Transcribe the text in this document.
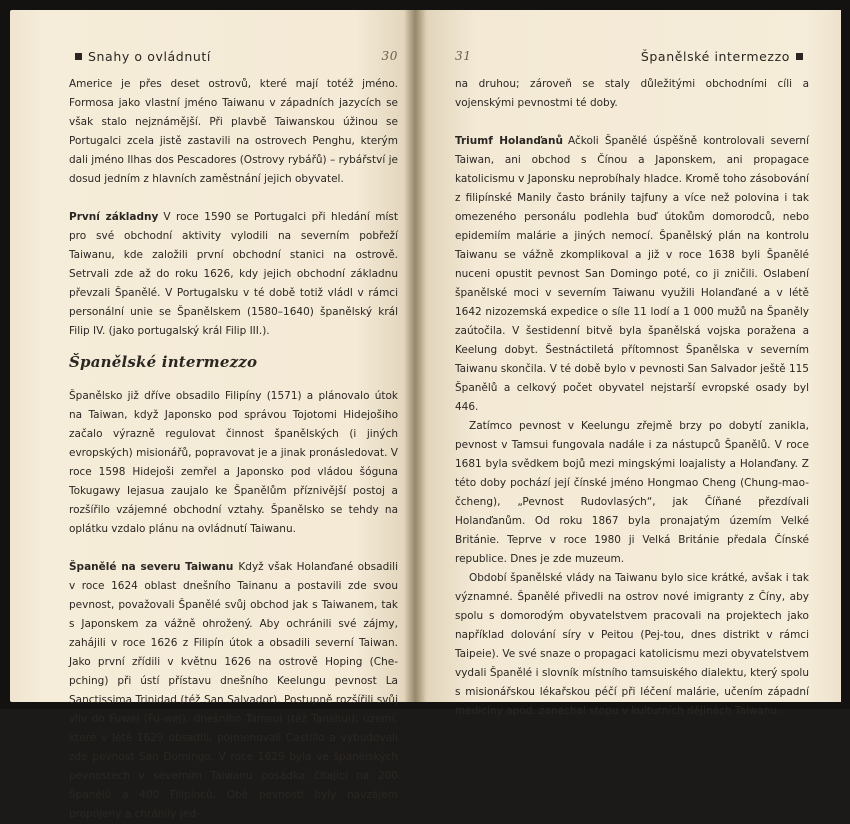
Snahy o ovládnutí	30

Americe je přes deset ostrovů, které mají totéž jméno. Formosa jako vlastní jméno Taiwanu v západních jazycích se však stalo nejznámější. Při plavbě Taiwanskou úžinou se Portugalci zcela jistě zastavili na ostrovech Penghu, kterým dali jméno Ilhas dos Pescadores (Ostrovy rybářů) – rybářství je dosud jedním z hlavních zaměstnání jejich obyvatel.

První základny V roce 1590 se Portugalci při hledání míst pro své obchodní aktivity vylodili na severním pobřeží Taiwanu, kde založili první obchodní stanici na ostrově. Setrvali zde až do roku 1626, kdy jejich obchodní základnu převzali Španělé. V Portugalsku v té době totiž vládl v rámci personální unie se Španělskem (1580–1640) španělský král Filip IV. (jako portugalský král Filip III.).

Španělské intermezzo

Španělsko již dříve obsadilo Filipíny (1571) a plánovalo útok na Taiwan, když Japonsko pod správou Tojotomi Hidejošiho začalo výrazně regulovat činnost španělských (i jiných evropských) misionářů, popravovat je a jinak pronásledovat. V roce 1598 Hidejoši zemřel a Japonsko pod vládou šóguna Tokugawy Iejasua zaujalo ke Španělům příznivější postoj a rozšířilo vzájemné obchodní vztahy. Španělsko se tehdy na oplátku vzdalo plánu na ovládnutí Taiwanu.

Španělé na severu Taiwanu Když však Holanďané obsadili v roce 1624 oblast dnešního Tainanu a postavili zde svou pevnost, považovali Španělé svůj obchod jak s Taiwanem, tak s Japonskem za vážně ohrožený. Aby ochránili své zájmy, zahájili v roce 1626 z Filipín útok a obsadili severní Taiwan. Jako první zřídili v květnu 1626 na ostrově Hoping (Che-pching) při ústí přístavu dnešního Keelungu pevnost La Sanctissima Trinidad (též San Salvador). Postupně rozšířili svůj vliv do Fuwei (Fu-wej), dnešního Tamsui (též Tanshui); území, které v létě 1629 obsadili, pojmenovali Castillo a vybudovali zde pevnost San Domingo. V roce 1629 byla ve španělských pevnostech v severním Taiwanu posádka čítající na 200 Španělů a 400 Filipínců. Obě pevnosti byly navzájem propojeny a chránily jed-

31	Španělské intermezzo

na druhou; zároveň se staly důležitými obchodními cíli a vojenskými pevnostmi té doby.

Triumf Holanďanů Ačkoli Španělé úspěšně kontrolovali severní Taiwan, ani obchod s Čínou a Japonskem, ani propagace katolicismu v Japonsku neprobíhaly hladce. Kromě toho zásobování z filipínské Manily často bránily tajfuny a více než polovina i tak omezeného personálu podlehla buď útokům domorodců, nebo epidemiím malárie a jiných nemocí. Španělský plán na kontrolu Taiwanu se vážně zkomplikoval a již v roce 1638 byli Španělé nuceni opustit pevnost San Domingo poté, co ji zničili. Oslabení španělské moci v severním Taiwanu využili Holanďané a v létě 1642 nizozemská expedice o síle 11 lodí a 1 000 mužů na Španěly zaútočila. V šestidenní bitvě byla španělská vojska poražena a Keelung dobyt. Šestnáctiletá přítomnost Španělska v severním Taiwanu skončila. V té době bylo v pevnosti San Salvador ještě 115 Španělů a celkový počet obyvatel nejstarší evropské osady byl 446.

Zatímco pevnost v Keelungu zřejmě brzy po dobytí zanikla, pevnost v Tamsui fungovala nadále i za nástupců Španělů. V roce 1681 byla svědkem bojů mezi mingskými loajalisty a Holanďany. Z této doby pochází její čínské jméno Hongmao Cheng (Chung-mao-čcheng), „Pevnost Rudovlasých“, jak Číňané přezdívali Holanďanům. Od roku 1867 byla pronajatým územím Velké Británie. Teprve v roce 1980 ji Velká Británie předala Čínské republice. Dnes je zde muzeum.

Období španělské vlády na Taiwanu bylo sice krátké, avšak i tak významné. Španělé přivedli na ostrov nové imigranty z Číny, aby spolu s domorodým obyvatelstvem pracovali na projektech jako například dolování síry v Peitou (Pej-tou, dnes distrikt v rámci Taipeie). Ve své snaze o propagaci katolicismu mezi obyvatelstvem vydali Španělé i slovník místního tamsuiského dialektu, který spolu s misionářskou lékařskou péčí při léčení malárie, učením západní medicíny apod. zanechal stopu v kulturních dějinách Taiwanu.
